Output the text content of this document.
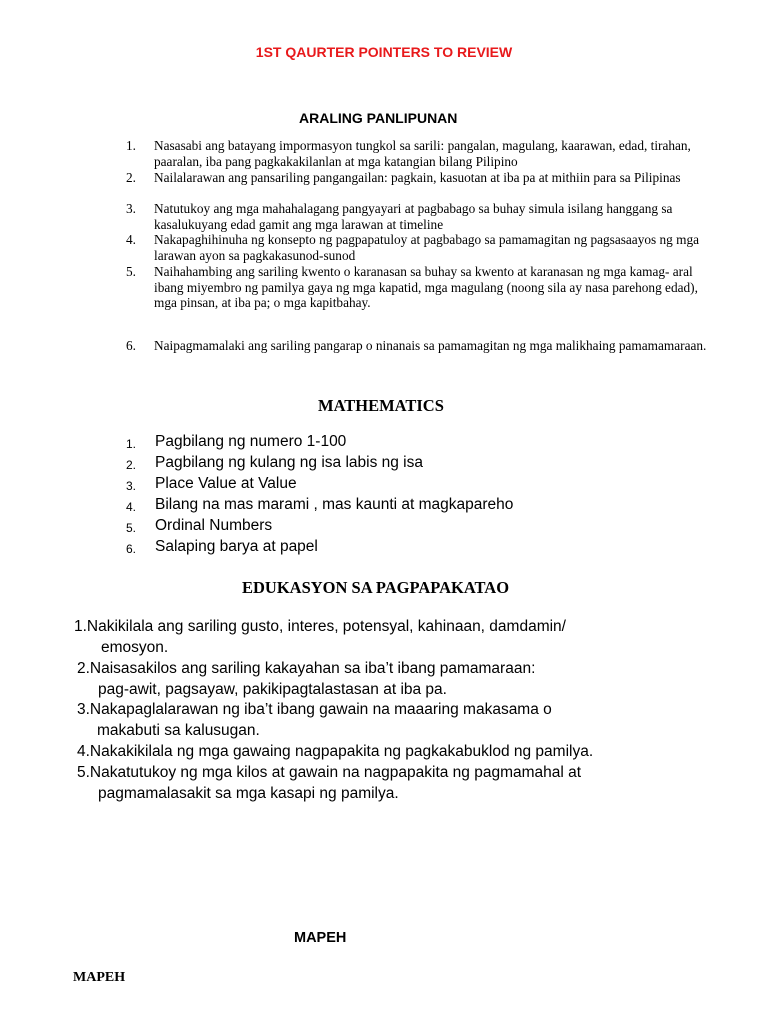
1ST QAURTER POINTERS TO REVIEW
ARALING PANLIPUNAN
1.	Nasasabi ang batayang impormasyon tungkol sa sarili: pangalan, magulang, kaarawan, edad, tirahan, paaralan, iba pang pagkakakilanlan at mga katangian bilang Pilipino
2.	Nailalarawan ang pansariling pangangailan: pagkain, kasuotan at iba pa at mithiin para sa Pilipinas
3.	Natutukoy ang mga mahahalagang pangyayari at pagbabago sa buhay simula isilang hanggang sa kasalukuyang edad gamit ang mga larawan at timeline
4.	Nakapaghihinuha ng konsepto ng pagpapatuloy at pagbabago sa pamamagitan ng pagsasaayos ng mga larawan ayon sa pagkakasunod-sunod
5.	Naihahambing ang sariling kwento o karanasan sa buhay sa kwento at karanasan ng mga kamag- aral ibang miyembro ng pamilya gaya ng mga kapatid, mga magulang (noong sila ay nasa parehong edad), mga pinsan, at iba pa; o mga kapitbahay.
6.	Naipagmamalaki ang sariling pangarap o ninanais sa pamamagitan ng mga malikhaing pamamamaraan.
MATHEMATICS
1. Pagbilang ng numero 1-100
2. Pagbilang ng kulang ng isa labis ng isa
3. Place Value at Value
4. Bilang na mas marami , mas kaunti at magkapareho
5. Ordinal Numbers
6. Salaping barya at papel
EDUKASYON SA PAGPAPAKATAO
1.Nakikilala ang sariling gusto, interes, potensyal, kahinaan, damdamin/
emosyon.
2.Naisasakilos ang sariling kakayahan sa iba’t ibang pamamaraan:
pag-awit, pagsayaw, pakikipagtalastasan at iba pa.
3.Nakapaglalarawan ng iba’t ibang gawain na maaaring makasama o
makabuti sa kalusugan.
4.Nakakikilala ng mga gawaing nagpapakita ng pagkakabuklod ng pamilya.
5.Nakatutukoy ng mga kilos at gawain na nagpapakita ng pagmamahal at
pagmamalasakit sa mga kasapi ng pamilya.
MAPEH
MAPEH
